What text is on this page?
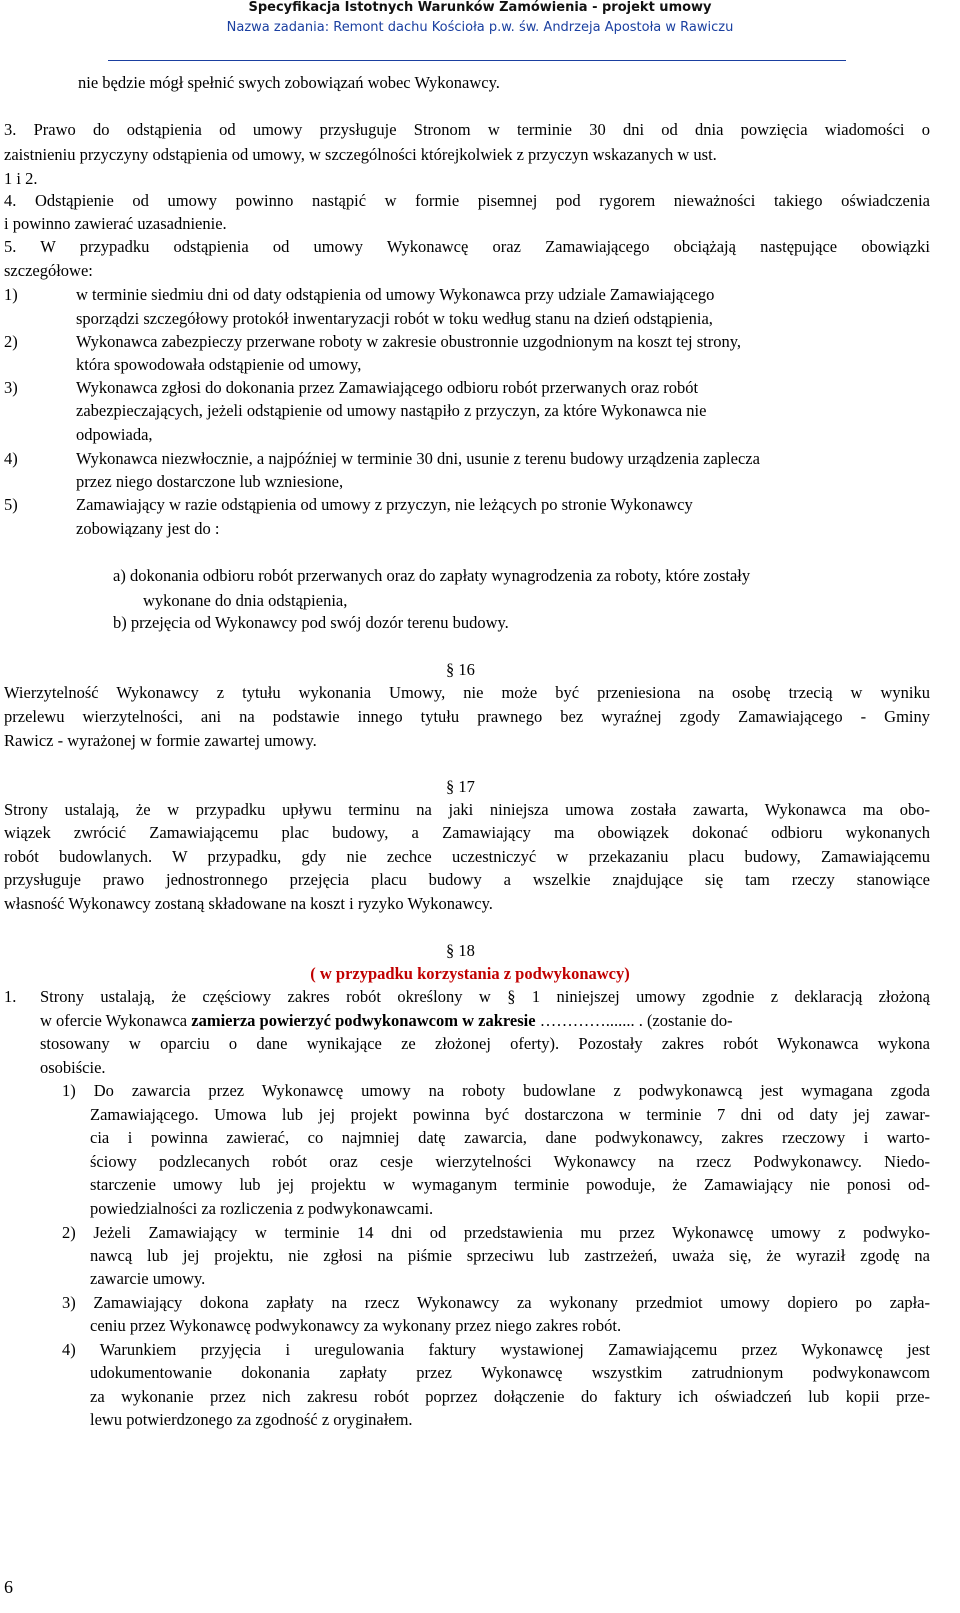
Specyfikacja Istotnych Warunków Zamówienia - projekt umowy
Nazwa zadania: Remont dachu Kościoła p.w. św. Andrzeja Apostoła w Rawiczu
nie będzie mógł spełnić swych zobowiązań wobec Wykonawcy.
3. Prawo do odstąpienia od umowy przysługuje Stronom w terminie 30 dni od dnia powzięcia wiadomości o
zaistnieniu przyczyny odstąpienia od umowy, w szczególności którejkolwiek z przyczyn wskazanych w ust.
1 i 2.
4. Odstąpienie od umowy powinno nastąpić w formie pisemnej pod rygorem nieważności takiego oświadczenia
i powinno zawierać uzasadnienie.
5. W przypadku odstąpienia od umowy Wykonawcę oraz Zamawiającego obciążają następujące obowiązki
szczegółowe:
1)	w terminie siedmiu dni od daty odstąpienia od umowy Wykonawca przy udziale Zamawiającego
sporządzi szczegółowy protokół inwentaryzacji robót w toku według stanu na dzień odstąpienia,
2)	Wykonawca zabezpieczy przerwane roboty w zakresie obustronnie uzgodnionym na koszt tej strony,
która spowodowała odstąpienie od umowy,
3)	Wykonawca zgłosi do dokonania przez Zamawiającego odbioru robót przerwanych oraz robót
zabezpieczających, jeżeli odstąpienie od umowy nastąpiło z przyczyn, za które Wykonawca nie
odpowiada,
4)	Wykonawca niezwłocznie, a najpóźniej w terminie 30 dni, usunie z terenu budowy urządzenia zaplecza
przez niego dostarczone lub wzniesione,
5)	Zamawiający w razie odstąpienia od umowy z przyczyn, nie leżących po stronie Wykonawcy
zobowiązany jest do :
a) dokonania odbioru robót przerwanych oraz do zapłaty wynagrodzenia za roboty, które zostały
wykonane do dnia odstąpienia,
b) przejęcia od Wykonawcy pod swój dozór terenu budowy.
§ 16
Wierzytelność Wykonawcy z tytułu wykonania Umowy, nie może być przeniesiona na osobę trzecią w wyniku
przelewu wierzytelności, ani na podstawie innego tytułu prawnego bez wyraźnej zgody Zamawiającego - Gminy
Rawicz - wyrażonej w formie zawartej umowy.
§ 17
Strony ustalają, że w przypadku upływu terminu na jaki niniejsza umowa została zawarta, Wykonawca ma obo-
wiązek zwrócić Zamawiającemu plac budowy, a Zamawiający ma obowiązek dokonać odbioru wykonanych
robót budowlanych. W przypadku, gdy nie zechce uczestniczyć w przekazaniu placu budowy, Zamawiającemu
przysługuje prawo jednostronnego przejęcia placu budowy a wszelkie znajdujące się tam rzeczy stanowiące
własność Wykonawcy zostaną składowane na koszt i ryzyko Wykonawcy.
§ 18
( w przypadku korzystania z podwykonawcy)
1. Strony ustalają, że częściowy zakres robót określony w § 1 niniejszej umowy zgodnie z deklaracją złożoną
w ofercie Wykonawca zamierza powierzyć podwykonawcom w zakresie …………....... . (zostanie do-
stosowany w oparciu o dane wynikające ze złożonej oferty). Pozostały zakres robót Wykonawca wykona
osobiście.
1) Do zawarcia przez Wykonawcę umowy na roboty budowlane z podwykonawcą jest wymagana zgoda
Zamawiającego. Umowa lub jej projekt powinna być dostarczona w terminie 7 dni od daty jej zawar-
cia i powinna zawierać, co najmniej datę zawarcia, dane podwykonawcy, zakres rzeczowy i warto-
ściowy podzlecanych robót oraz cesje wierzytelności Wykonawcy na rzecz Podwykonawcy. Niedo-
starczenie umowy lub jej projektu w wymaganym terminie powoduje, że Zamawiający nie ponosi od-
powiedzialności za rozliczenia z podwykonawcami.
2) Jeżeli Zamawiający w terminie 14 dni od przedstawienia mu przez Wykonawcę umowy z podwyko-
nawcą lub jej projektu, nie zgłosi na piśmie sprzeciwu lub zastrzeżeń, uważa się, że wyraził zgodę na
zawarcie umowy.
3) Zamawiający dokona zapłaty na rzecz Wykonawcy za wykonany przedmiot umowy dopiero po zapła-
ceniu przez Wykonawcę podwykonawcy za wykonany przez niego zakres robót.
4) Warunkiem przyjęcia i uregulowania faktury wystawionej Zamawiającemu przez Wykonawcę jest
udokumentowanie dokonania zapłaty przez Wykonawcę wszystkim zatrudnionym podwykonawcom
za wykonanie przez nich zakresu robót poprzez dołączenie do faktury ich oświadczeń lub kopii prze-
lewu potwierdzonego za zgodność z oryginałem.
6
